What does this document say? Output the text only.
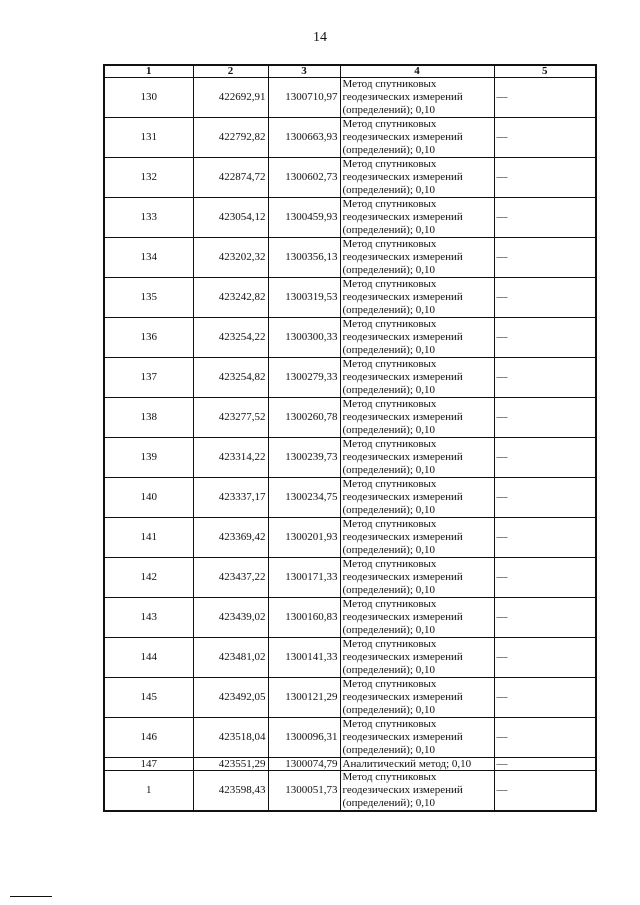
14
1	2	3	4	5
130	422692,91	1300710,97	Метод спутниковых геодезических измерений (определений); 0,10	—
131	422792,82	1300663,93	Метод спутниковых геодезических измерений (определений); 0,10	—
132	422874,72	1300602,73	Метод спутниковых геодезических измерений (определений); 0,10	—
133	423054,12	1300459,93	Метод спутниковых геодезических измерений (определений); 0,10	—
134	423202,32	1300356,13	Метод спутниковых геодезических измерений (определений); 0,10	—
135	423242,82	1300319,53	Метод спутниковых геодезических измерений (определений); 0,10	—
136	423254,22	1300300,33	Метод спутниковых геодезических измерений (определений); 0,10	—
137	423254,82	1300279,33	Метод спутниковых геодезических измерений (определений); 0,10	—
138	423277,52	1300260,78	Метод спутниковых геодезических измерений (определений); 0,10	—
139	423314,22	1300239,73	Метод спутниковых геодезических измерений (определений); 0,10	—
140	423337,17	1300234,75	Метод спутниковых геодезических измерений (определений); 0,10	—
141	423369,42	1300201,93	Метод спутниковых геодезических измерений (определений); 0,10	—
142	423437,22	1300171,33	Метод спутниковых геодезических измерений (определений); 0,10	—
143	423439,02	1300160,83	Метод спутниковых геодезических измерений (определений); 0,10	—
144	423481,02	1300141,33	Метод спутниковых геодезических измерений (определений); 0,10	—
145	423492,05	1300121,29	Метод спутниковых геодезических измерений (определений); 0,10	—
146	423518,04	1300096,31	Метод спутниковых геодезических измерений (определений); 0,10	—
147	423551,29	1300074,79	Аналитический метод; 0,10	—
1	423598,43	1300051,73	Метод спутниковых геодезических измерений (определений); 0,10	—
